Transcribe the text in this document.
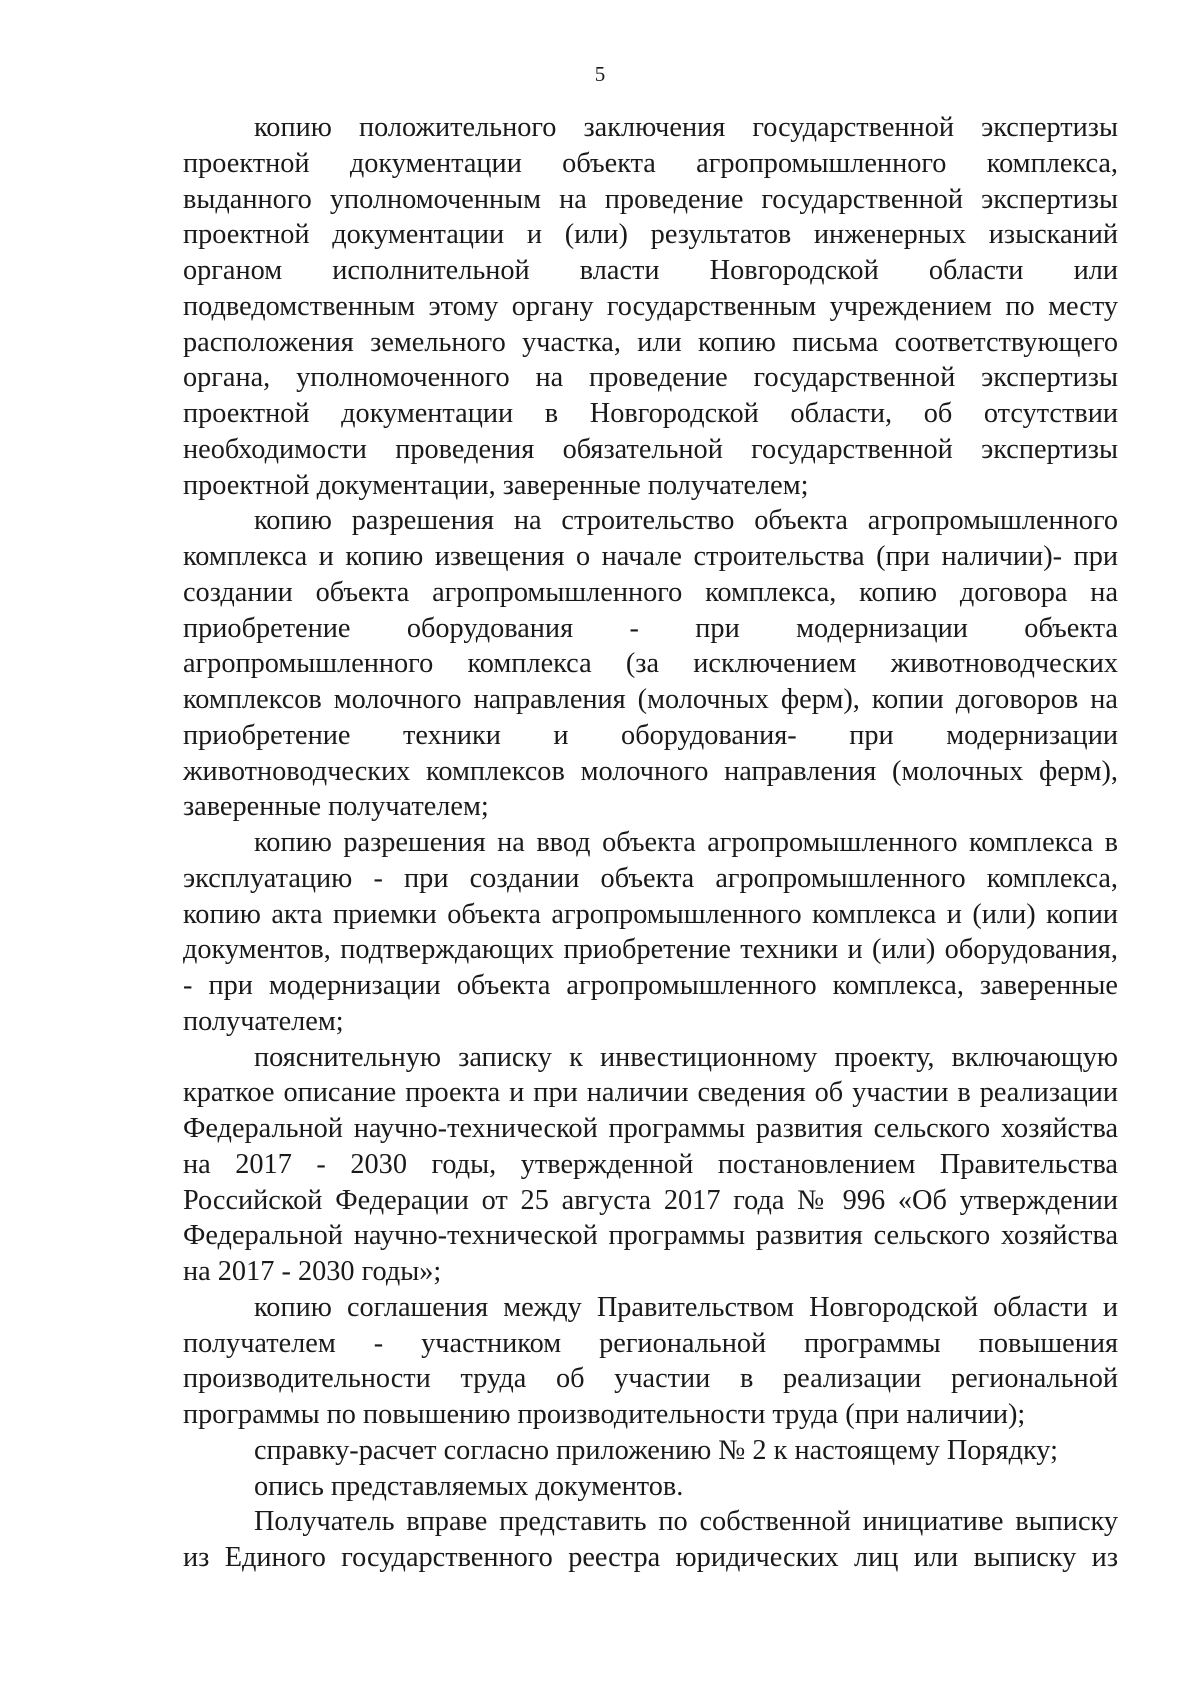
5

копию положительного заключения государственной экспертизы проектной документации объекта агропромышленного комплекса, выданного уполномоченным на проведение государственной экспертизы проектной документации и (или) результатов инженерных изысканий органом исполнительной власти Новгородской области или подведомственным этому органу государственным учреждением по месту расположения земельного участка, или копию письма соответствующего органа, уполномоченного на проведение государственной экспертизы проектной документации в Новгородской области, об отсутствии необходимости проведения обязательной государственной экспертизы проектной документации, заверенные получателем;

копию разрешения на строительство объекта агропромышленного комплекса и копию извещения о начале строительства (при наличии)- при создании объекта агропромышленного комплекса, копию договора на приобретение оборудования - при модернизации объекта агропромышленного комплекса (за исключением животноводческих комплексов молочного направления (молочных ферм), копии договоров на приобретение техники и оборудования- при модернизации животноводческих комплексов молочного направления (молочных ферм), заверенные получателем;

копию разрешения на ввод объекта агропромышленного комплекса в эксплуатацию - при создании объекта агропромышленного комплекса, копию акта приемки объекта агропромышленного комплекса и (или) копии документов, подтверждающих приобретение техники и (или) оборудования, - при модернизации объекта агропромышленного комплекса, заверенные получателем;

пояснительную записку к инвестиционному проекту, включающую краткое описание проекта и при наличии сведения об участии в реализации Федеральной научно-технической программы развития сельского хозяйства на 2017 - 2030 годы, утвержденной постановлением Правительства Российской Федерации от 25 августа 2017 года № 996 «Об утверждении Федеральной научно-технической программы развития сельского хозяйства на 2017 - 2030 годы»;

копию соглашения между Правительством Новгородской области и получателем - участником региональной программы повышения производительности труда об участии в реализации региональной программы по повышению производительности труда (при наличии);

справку-расчет согласно приложению № 2 к настоящему Порядку;

опись представляемых документов.

Получатель вправе представить по собственной инициативе выписку из Единого государственного реестра юридических лиц или выписку из
